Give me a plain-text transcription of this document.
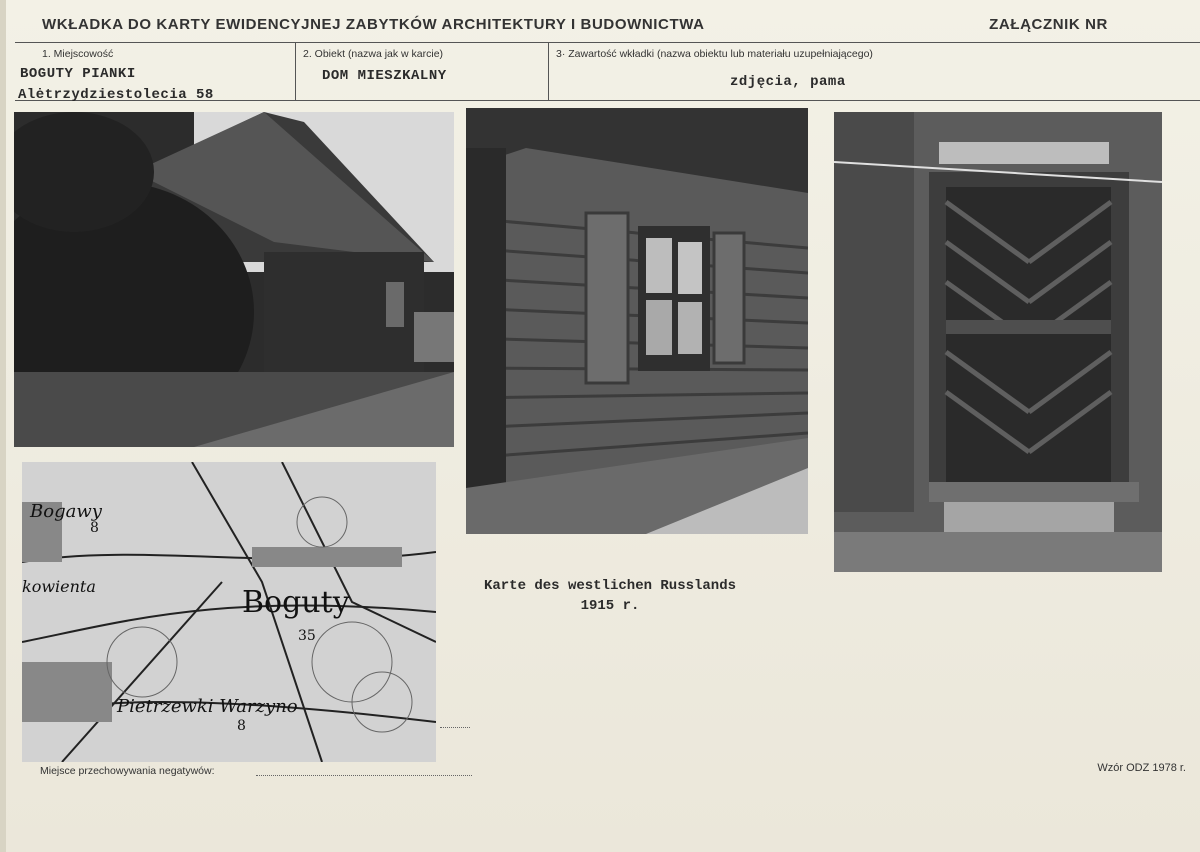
WKŁADKA DO KARTY EWIDENCYJNEJ ZABYTKÓW ARCHITEKTURY I BUDOWNICTWA	ZAŁĄCZNIK NR
1. Miejscowość
BOGUTY PIANKI
Alėtrzydziestolecia 58
2. Obiekt (nazwa jak w karcie)
DOM MIESZKALNY
3· Zawartość wkładki (nazwa obiektu lub materiału uzupełniającego)
zdjęcia, pama
Bogawy
8
kowienta	Boguty
35
Pietrzewki Warzyno
8
Karte des westlichen Russlands
1915 r.
Miejsce przechowywania negatywów:	Wzór ODZ 1978 r.
